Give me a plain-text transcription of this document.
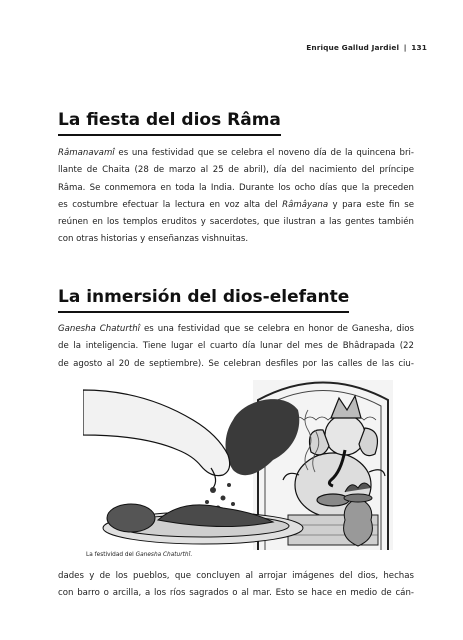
Enrique Gallud Jardiel | 131
La fiesta del dios Râma
Râmanavamî es una festividad que se celebra el noveno día de la quincena bri-
llante de Chaita (28 de marzo al 25 de abril), día del nacimiento del príncipe
Râma. Se conmemora en toda la India. Durante los ocho días que la preceden
es costumbre efectuar la lectura en voz alta del Râmâyana y para este fin se
reúnen en los templos eruditos y sacerdotes, que ilustran a las gentes también
con otras historias y enseñanzas vishnuitas.
La inmersión del dios-elefante
Ganesha Chaturthî es una festividad que se celebra en honor de Ganesha, dios
de la inteligencia. Tiene lugar el cuarto día lunar del mes de Bhâdrapada (22
de agosto al 20 de septiembre). Se celebran desfiles por las calles de las ciu-
La festividad del Ganesha Chaturthî.
dades y de los pueblos, que concluyen al arrojar imágenes del dios, hechas
con barro o arcilla, a los ríos sagrados o al mar. Esto se hace en medio de cán-
